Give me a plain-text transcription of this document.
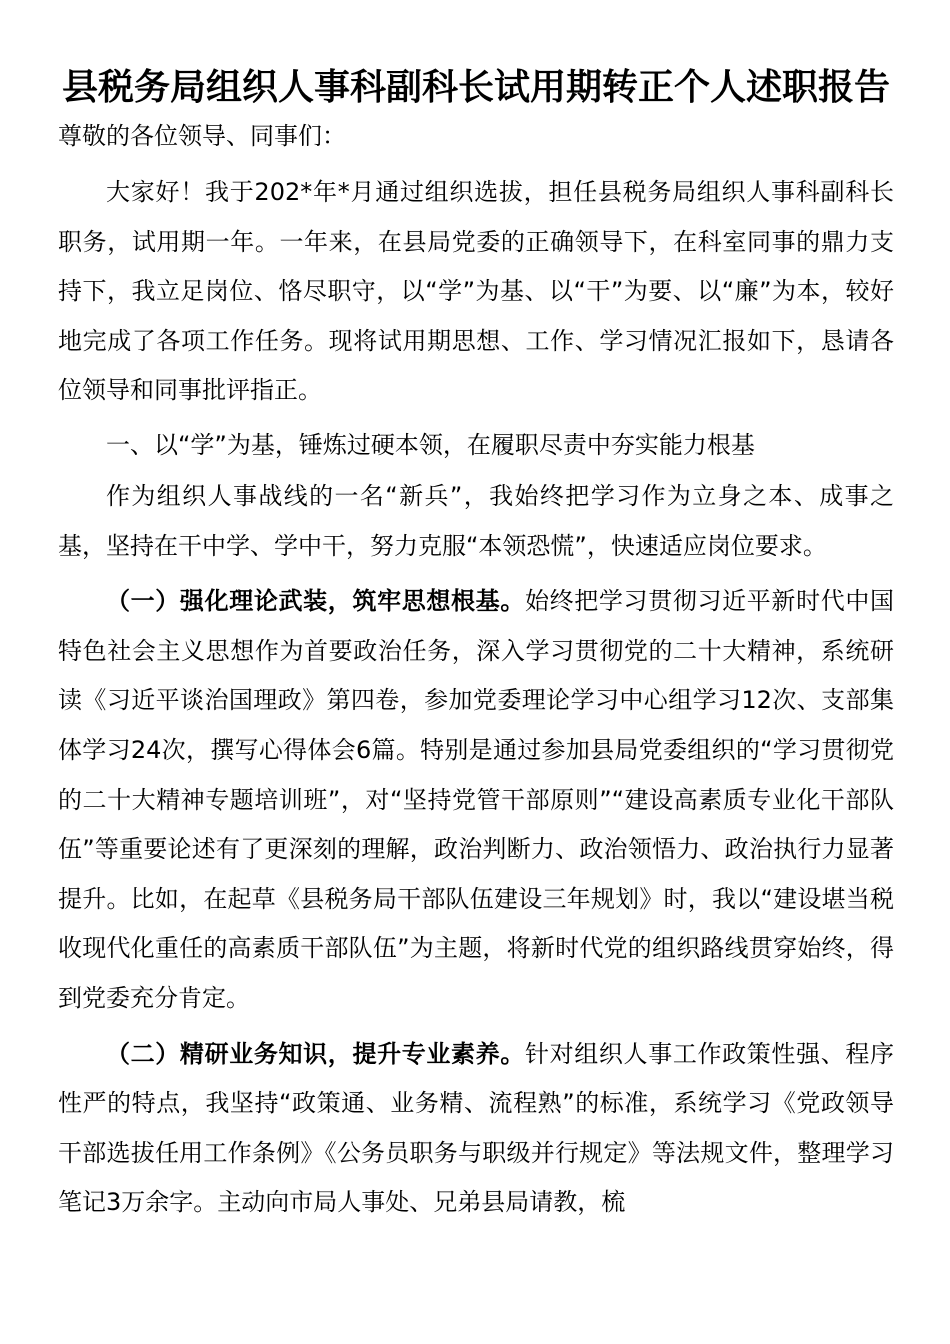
县税务局组织人事科副科长试用期转正个人述职报告

尊敬的各位领导、同事们：

大家好！我于202*年*月通过组织选拔，担任县税务局组织人事科副科长职务，试用期一年。一年来，在县局党委的正确领导下，在科室同事的鼎力支持下，我立足岗位、恪尽职守，以“学”为基、以“干”为要、以“廉”为本，较好地完成了各项工作任务。现将试用期思想、工作、学习情况汇报如下，恳请各位领导和同事批评指正。

一、以“学”为基，锤炼过硬本领，在履职尽责中夯实能力根基

作为组织人事战线的一名“新兵”，我始终把学习作为立身之本、成事之基，坚持在干中学、学中干，努力克服“本领恐慌”，快速适应岗位要求。

（一）强化理论武装，筑牢思想根基。始终把学习贯彻习近平新时代中国特色社会主义思想作为首要政治任务，深入学习贯彻党的二十大精神，系统研读《习近平谈治国理政》第四卷，参加党委理论学习中心组学习12次、支部集体学习24次，撰写心得体会6篇。特别是通过参加县局党委组织的“学习贯彻党的二十大精神专题培训班”，对“坚持党管干部原则”“建设高素质专业化干部队伍”等重要论述有了更深刻的理解，政治判断力、政治领悟力、政治执行力显著提升。比如，在起草《县税务局干部队伍建设三年规划》时，我以“建设堪当税收现代化重任的高素质干部队伍”为主题，将新时代党的组织路线贯穿始终，得到党委充分肯定。

（二）精研业务知识，提升专业素养。针对组织人事工作政策性强、程序性严的特点，我坚持“政策通、业务精、流程熟”的标准，系统学习《党政领导干部选拔任用工作条例》《公务员职务与职级并行规定》等法规文件，整理学习笔记3万余字。主动向市局人事处、兄弟县局请教，梳
